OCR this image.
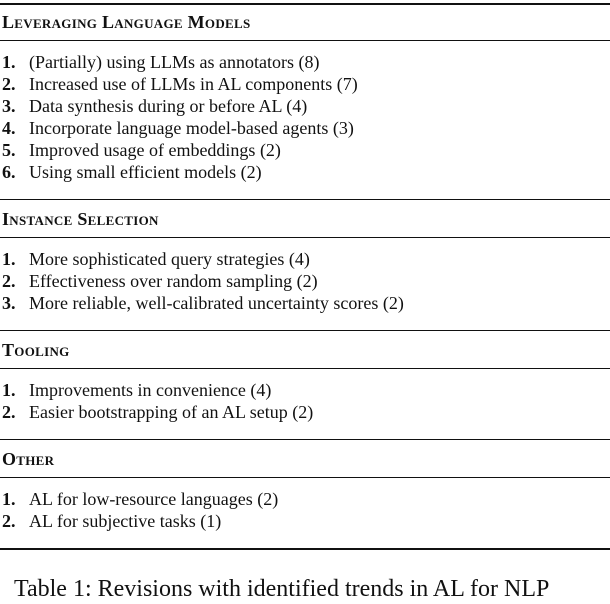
Leveraging Language Models
1. (Partially) using LLMs as annotators (8)
2. Increased use of LLMs in AL components (7)
3. Data synthesis during or before AL (4)
4. Incorporate language model-based agents (3)
5. Improved usage of embeddings (2)
6. Using small efficient models (2)
Instance Selection
1. More sophisticated query strategies (4)
2. Effectiveness over random sampling (2)
3. More reliable, well-calibrated uncertainty scores (2)
Tooling
1. Improvements in convenience (4)
2. Easier bootstrapping of an AL setup (2)
Other
1. AL for low-resource languages (2)
2. AL for subjective tasks (1)
Table 1: Revisions with identified trends in AL for NLP
